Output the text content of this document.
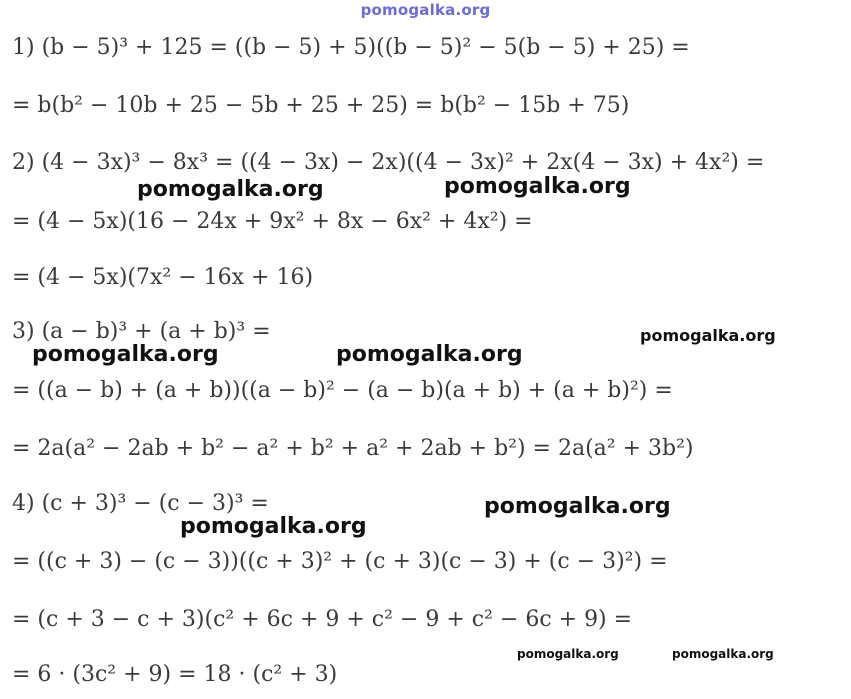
pomogalka.org
1) (b − 5)³ + 125 = ((b − 5) + 5)((b − 5)² − 5(b − 5) + 25) =
= b(b² − 10b + 25 − 5b + 25 + 25) = b(b² − 15b + 75)
2) (4 − 3x)³ − 8x³ = ((4 − 3x) − 2x)((4 − 3x)² + 2x(4 − 3x) + 4x²) =
= (4 − 5x)(16 − 24x + 9x² + 8x − 6x² + 4x²) =
= (4 − 5x)(7x² − 16x + 16)
3) (a − b)³ + (a + b)³ =
= ((a − b) + (a + b))((a − b)² − (a − b)(a + b) + (a + b)²) =
= 2a(a² − 2ab + b² − a² + b² + a² + 2ab + b²) = 2a(a² + 3b²)
4) (c + 3)³ − (c − 3)³ =
= ((c + 3) − (c − 3))((c + 3)² + (c + 3)(c − 3) + (c − 3)²) =
= (c + 3 − c + 3)(c² + 6c + 9 + c² − 9 + c² − 6c + 9) =
= 6 · (3c² + 9) = 18 · (c² + 3)
pomogalka.org	pomogalka.org
pomogalka.org
pomogalka.org	pomogalka.org
pomogalka.org
pomogalka.org
pomogalka.org	pomogalka.org
